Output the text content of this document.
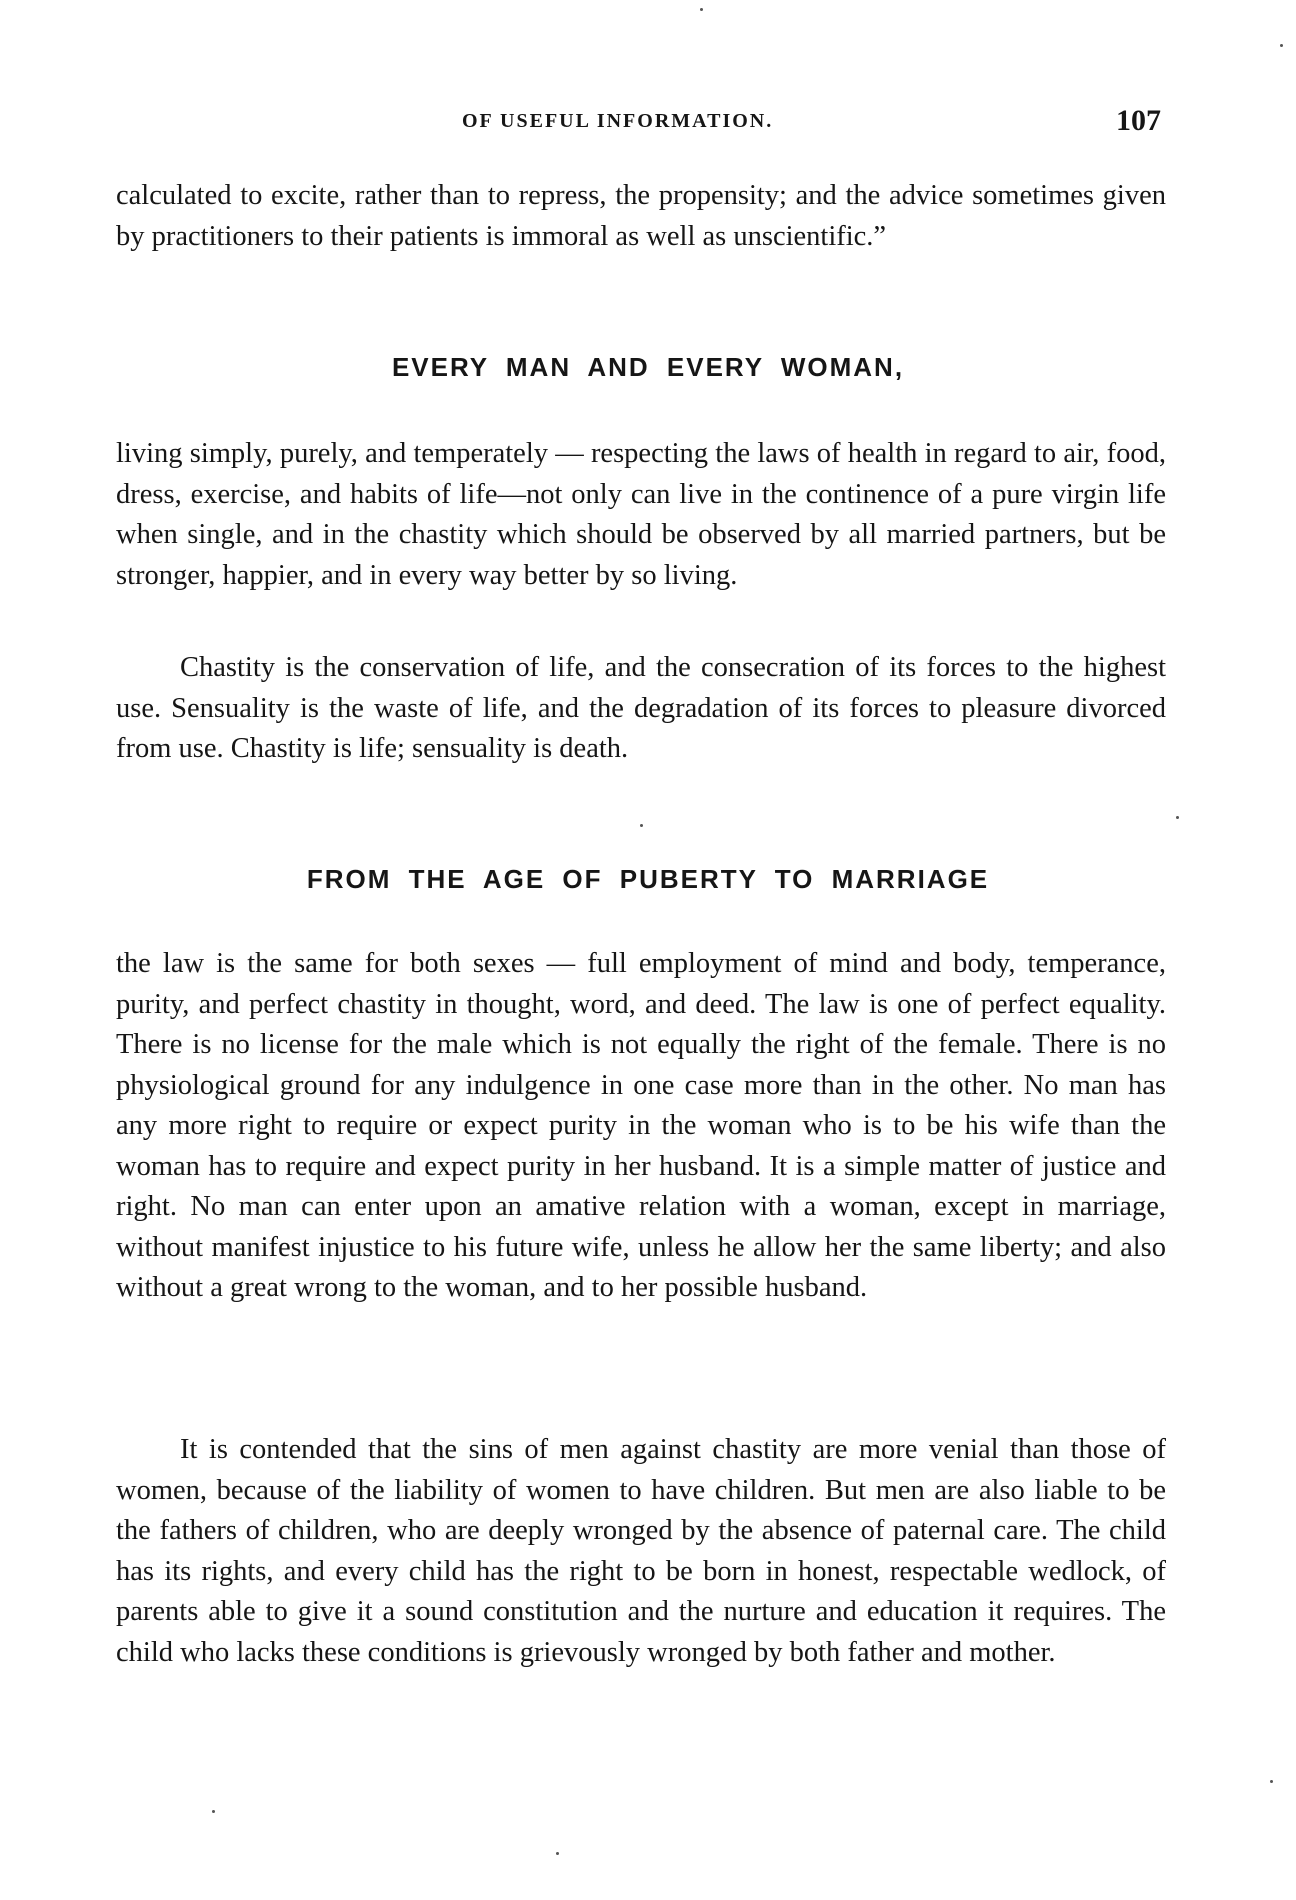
OF USEFUL INFORMATION.	107

calculated to excite, rather than to repress, the propensity; and the advice sometimes given by practitioners to their patients is immoral as well as unscientific.”

EVERY MAN AND EVERY WOMAN,

living simply, purely, and temperately — respecting the laws of health in regard to air, food, dress, exercise, and habits of life—not only can live in the continence of a pure virgin life when single, and in the chastity which should be observed by all married partners, but be stronger, happier, and in every way better by so living.

Chastity is the conservation of life, and the consecration of its forces to the highest use. Sensuality is the waste of life, and the degradation of its forces to pleasure divorced from use. Chastity is life; sensuality is death.

FROM THE AGE OF PUBERTY TO MARRIAGE

the law is the same for both sexes — full employment of mind and body, temperance, purity, and perfect chastity in thought, word, and deed. The law is one of perfect equality. There is no license for the male which is not equally the right of the female. There is no physiological ground for any indulgence in one case more than in the other. No man has any more right to require or expect purity in the woman who is to be his wife than the woman has to require and expect purity in her husband. It is a simple matter of justice and right. No man can enter upon an amative relation with a woman, except in marriage, without manifest injustice to his future wife, unless he allow her the same liberty; and also without a great wrong to the woman, and to her possible husband.

It is contended that the sins of men against chastity are more venial than those of women, because of the liability of women to have children. But men are also liable to be the fathers of children, who are deeply wronged by the absence of paternal care. The child has its rights, and every child has the right to be born in honest, respectable wedlock, of parents able to give it a sound constitution and the nurture and education it requires. The child who lacks these conditions is grievously wronged by both father and mother.
